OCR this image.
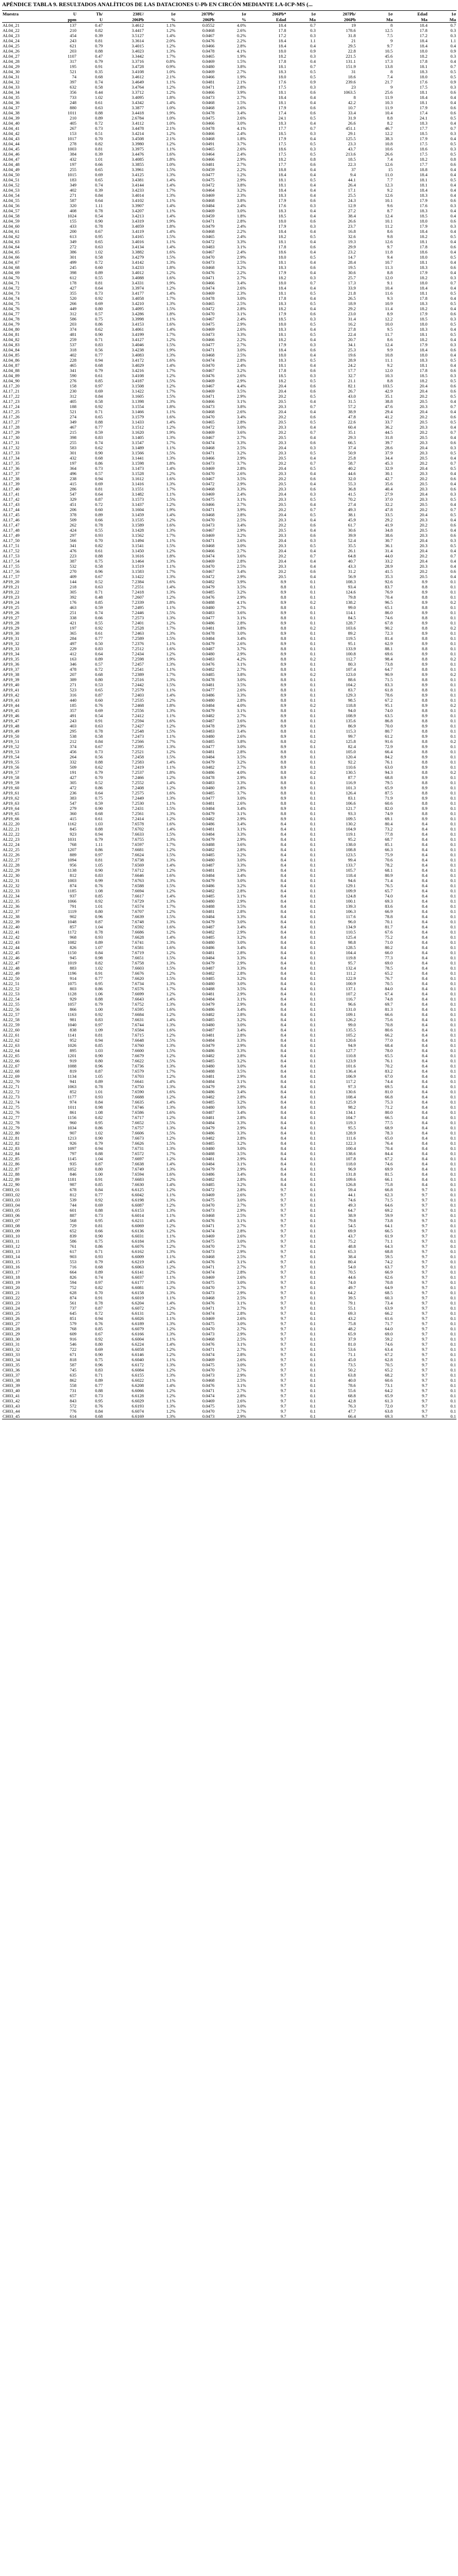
APÉNDICE TABLA 9. RESULTADOS ANALÍTICOS DE LAS DATACIONES U-Pb EN CIRCÓN MEDIANTE LA-ICP-MS (...
Muestra	U	Th/	238U/	1σ	207Pb/	1σ	206Pb*	1σ	207Pb/	1σ	Edad	1σ
	ppm	U	206Pb	%	206Pb	%	Edad	Ma	206Pb	Ma	Ma	Ma
AL04_21	137	0.47	3.4612	1.1%	0.0552	4.0%	18.4	0.7	19	8	18.4	0.7
AL04_22	210	0.82	3.4417	1.2%	0.0468	2.6%	17.8	0.3	178.6	12.5	17.8	0.3
AL04_23	454	0.39	3.5127	1.4%	0.0467	0.2%	17.2	0.3	31.8	7.5	17.2	0.3
AL04_24	243	0.81	3.3614	2.0%	0.0476	2.2%	18.4	1.1	21	9	18.4	1.1
AL04_25	621	0.79	3.4015	1.2%	0.0466	2.8%	18.4	0.4	29.5	9.7	18.4	0.4
AL04_26	203	0.88	3.4023	1.3%	0.0478	4.1%	18.0	0.9	22.8	10.5	18.0	0.9
AL04_27	1107	0.47	3.3442	1.7%	0.0465	1.9%	18.2	0.3	221.5	45.6	18.2	0.3
AL04_28	317	0.79	3.3716	0.8%	0.0469	1.5%	17.8	0.4	131.1	17.3	17.8	0.4
AL04_29	195	0.91	3.4728	0.9%	0.0480	3.8%	18.1	0.7	151.9	13.8	18.1	0.7
AL04_30	521	0.35	3.4108	1.0%	0.0469	2.7%	18.3	0.5	31	8	18.3	0.5
AL04_31	74	0.68	3.4612	2.1%	0.0466	1.9%	18.0	0.5	18.6	7.4	18.0	0.5
AL04_32	397	0.74	3.4649	1.1%	0.0481	2.1%	17.6	0.9	239.6	21.7	17.6	0.9
AL04_33	632	0.58	3.4764	1.2%	0.0471	2.8%	17.5	0.3	23	9	17.5	0.3
AL04_34	356	0.44	3.3712	1.2%	0.0466	3.9%	18.1	0.6	1063.5	25.6	18.1	0.6
AL04_35	733	1.02	3.4095	1.8%	0.0473	2.7%	18.4	0.4	8	11.9	18.4	0.4
AL04_36	248	0.61	3.4342	1.4%	0.0468	1.5%	18.1	0.4	42.2	10.3	18.1	0.4
AL04_37	880	0.63	3.3877	1.0%	0.0468	2.6%	17.9	0.6	10.7	11.9	17.9	0.6
AL04_38	1011	0.88	3.4418	1.9%	0.0478	3.4%	17.4	0.6	33.4	10.4	17.4	0.6
AL04_39	210	0.89	2.6784	1.0%	0.0475	2.6%	24.1	0.5	31.9	8.8	24.1	0.5
AL04_40	405	0.72	3.4112	1.0%	0.0466	3.0%	18.3	0.4	26.6	8.2	18.3	0.4
AL04_41	267	0.73	3.4478	2.1%	0.0478	4.1%	17.7	0.7	451.1	46.7	17.7	0.7
AL04_42	153	0.51	3.4214	1.2%	0.0466	2.4%	18.5	0.3	29.1	12.2	18.5	0.3
AL04_43	1017	0.70	3.4508	2.1%	0.0468	1.8%	17.9	0.4	125.5	38.3	17.9	0.4
AL04_44	278	0.82	3.3980	1.2%	0.0491	3.7%	17.5	0.5	23.3	10.8	17.5	0.5
AL04_45	1003	0.81	3.3975	1.1%	0.0465	2.6%	18.6	0.3	43.7	10.6	18.6	0.3
AL04_46	384	0.39	3.4476	1.6%	0.0464	2.4%	17.5	0.5	213.6	26.6	17.5	0.5
AL04_47	432	1.01	3.4085	1.8%	0.0466	2.9%	18.2	0.8	18.5	7.4	18.2	0.8
AL04_48	197	0.66	3.3855	1.0%	0.0481	2.7%	17.7	0.6	22.3	12.6	17.7	0.6
AL04_49	255	0.65	3.3961	1.5%	0.0459	2.2%	18.8	0.4	37	15	18.8	0.4
AL04_50	1015	0.69	3.4125	1.3%	0.0477	1.2%	18.4	0.4	9.4	11.0	18.4	0.4
AL04_51	183	0.65	3.4381	1.4%	0.0475	2.9%	18.1	0.5	44.1	7.7	18.1	0.5
AL04_52	349	0.74	3.4144	1.4%	0.0472	3.8%	18.1	0.4	26.4	12.3	18.1	0.4
AL04_53	402	0.39	3.4233	1.7%	0.0464	3.2%	18.4	0.4	17.1	9.2	18.4	0.4
AL04_54	271	0.84	3.4014	1.3%	0.0469	2.3%	18.3	0.4	25.5	12.6	18.3	0.4
AL04_55	587	0.64	3.4102	1.1%	0.0468	3.8%	17.9	0.6	24.3	10.1	17.9	0.6
AL04_56	320	1.11	3.3907	1.4%	0.0484	2.4%	17.6	0.3	12.9	9.6	17.6	0.3
AL04_57	408	0.78	3.4207	1.1%	0.0469	3.0%	18.3	0.4	27.2	8.7	18.3	0.4
AL04_58	1024	0.54	3.4213	1.4%	0.0459	1.8%	18.5	0.4	38.4	12.4	18.5	0.4
AL04_59	155	0.90	3.4319	1.9%	0.0471	2.8%	18.0	0.6	26.6	10.1	18.0	0.6
AL04_60	433	0.78	3.4059	1.8%	0.0479	2.4%	17.9	0.3	23.7	11.2	17.9	0.3
AL04_61	200	0.67	3.4119	1.4%	0.0468	2.2%	18.4	0.4	16.8	8.6	18.4	0.4
AL04_62	613	0.95	3.4165	1.5%	0.0465	2.4%	18.2	0.5	32.6	9.8	18.2	0.5
AL04_63	349	0.65	3.4016	1.1%	0.0472	3.3%	18.1	0.4	19.3	12.6	18.1	0.4
AL04_64	272	0.63	3.4134	1.4%	0.0483	3.1%	17.8	0.6	29.9	9.7	17.8	0.6
AL04_65	386	1.02	3.3882	1.6%	0.0467	2.4%	18.6	0.4	23.2	11.8	18.6	0.4
AL04_66	301	0.58	3.4279	1.5%	0.0470	2.9%	18.0	0.5	14.7	9.4	18.0	0.5
AL04_67	499	0.72	3.4142	1.3%	0.0473	2.5%	18.1	0.4	28.4	10.7	18.1	0.4
AL04_68	245	0.60	3.4233	1.8%	0.0468	3.2%	18.3	0.6	19.5	11.3	18.3	0.6
AL04_69	398	0.89	3.4012	1.2%	0.0476	2.2%	17.9	0.4	30.6	8.8	17.9	0.4
AL04_70	612	0.55	3.4088	1.6%	0.0471	2.7%	18.2	0.3	25.7	12.0	18.2	0.3
AL04_71	178	0.81	3.4331	1.9%	0.0466	3.4%	18.0	0.7	17.3	9.1	18.0	0.7
AL04_72	427	0.64	3.3974	1.2%	0.0474	2.6%	18.4	0.4	33.9	10.4	18.4	0.4
AL04_73	355	0.73	3.4177	1.4%	0.0469	2.3%	18.1	0.5	21.8	11.6	18.1	0.5
AL04_74	520	0.92	3.4058	1.7%	0.0478	3.0%	17.8	0.4	26.5	9.3	17.8	0.4
AL04_75	266	0.69	3.4210	1.3%	0.0465	2.5%	18.3	0.5	18.9	10.9	18.3	0.5
AL04_76	449	0.80	3.4095	1.5%	0.0472	2.8%	18.2	0.4	29.2	11.4	18.2	0.4
AL04_77	312	0.57	3.4286	1.8%	0.0470	3.1%	17.9	0.6	23.0	8.9	17.9	0.6
AL04_78	586	0.75	3.3998	1.1%	0.0467	2.4%	18.5	0.3	31.4	12.2	18.5	0.3
AL04_79	203	0.86	3.4153	1.6%	0.0475	2.9%	18.0	0.5	16.2	10.0	18.0	0.5
AL04_80	374	0.62	3.4061	1.4%	0.0469	2.6%	18.3	0.4	27.8	9.5	18.3	0.4
AL04_81	481	0.90	3.4199	1.7%	0.0473	3.3%	18.1	0.5	22.4	11.7	18.1	0.5
AL04_82	259	0.71	3.4127	1.2%	0.0466	2.2%	18.2	0.4	20.7	8.6	18.2	0.4
AL04_83	537	0.83	3.4046	1.5%	0.0477	2.7%	17.9	0.3	34.1	12.4	17.9	0.3
AL04_84	318	0.56	3.4238	1.9%	0.0471	3.0%	18.4	0.6	25.3	9.9	18.4	0.6
AL04_85	402	0.77	3.4083	1.3%	0.0468	2.5%	18.0	0.4	19.6	10.8	18.0	0.4
AL04_86	228	0.94	3.4172	1.6%	0.0474	2.8%	18.3	0.5	28.9	11.1	18.3	0.5
AL04_87	465	0.68	3.4029	1.4%	0.0470	2.4%	18.1	0.4	24.2	9.2	18.1	0.4
AL04_88	341	0.79	3.4216	1.7%	0.0467	3.2%	17.8	0.6	17.7	12.0	17.8	0.6
AL04_89	590	0.61	3.4108	1.2%	0.0476	2.6%	18.5	0.3	32.7	10.3	18.5	0.3
AL04_90	276	0.85	3.4187	1.5%	0.0469	2.9%	18.2	0.5	21.1	8.8	18.2	0.5
AL17_20	158	0.97	3.1508	1.2%	0.0467	4.4%	20.4	0.6	82.1	103.5	20.4	0.6
AL17_21	230	0.69	3.1422	1.7%	0.0469	3.5%	20.4	0.6	26.7	42.9	20.4	0.6
AL17_22	312	0.84	3.1605	1.5%	0.0471	2.9%	20.2	0.5	43.0	35.1	20.2	0.5
AL17_23	405	0.58	3.1398	1.3%	0.0466	3.1%	20.5	0.4	31.5	38.8	20.5	0.4
AL17_24	188	0.92	3.1554	1.8%	0.0473	3.8%	20.3	0.7	57.2	47.6	20.3	0.7
AL17_25	521	0.71	3.1466	1.1%	0.0468	2.6%	20.4	0.4	38.9	29.4	20.4	0.4
AL17_26	274	0.65	3.1579	1.6%	0.0470	3.4%	20.2	0.6	47.8	41.2	20.2	0.6
AL17_27	349	0.88	3.1433	1.4%	0.0465	2.8%	20.5	0.5	22.6	33.7	20.5	0.5
AL17_28	467	0.77	3.1512	1.2%	0.0472	3.0%	20.3	0.4	60.4	36.2	20.3	0.4
AL17_29	215	0.59	3.1620	1.9%	0.0469	3.6%	20.2	0.7	35.1	44.5	20.2	0.7
AL17_30	398	0.83	3.1405	1.3%	0.0467	2.7%	20.5	0.4	29.3	31.8	20.5	0.4
AL17_31	255	0.74	3.1547	1.7%	0.0474	3.3%	20.3	0.6	66.5	39.7	20.3	0.6
AL17_32	583	0.62	3.1489	1.1%	0.0468	2.5%	20.4	0.3	37.4	28.6	20.4	0.3
AL17_33	301	0.90	3.1566	1.5%	0.0471	3.2%	20.3	0.5	50.9	37.9	20.3	0.5
AL17_34	432	0.68	3.1441	1.3%	0.0466	2.9%	20.5	0.4	25.8	34.4	20.5	0.4
AL17_35	197	0.86	3.1598	1.8%	0.0473	3.7%	20.2	0.7	58.7	45.3	20.2	0.7
AL17_36	364	0.73	3.1473	1.4%	0.0469	2.8%	20.4	0.5	40.2	32.9	20.4	0.5
AL17_37	496	0.57	3.1528	1.2%	0.0470	2.6%	20.3	0.4	44.6	30.1	20.3	0.4
AL17_38	238	0.94	3.1612	1.6%	0.0467	3.5%	20.2	0.6	32.0	42.7	20.2	0.6
AL17_39	415	0.69	3.1416	1.3%	0.0472	2.9%	20.5	0.4	55.3	35.6	20.5	0.4
AL17_40	286	0.81	3.1551	1.7%	0.0468	3.3%	20.3	0.6	36.8	40.4	20.3	0.6
AL17_41	547	0.64	3.1482	1.1%	0.0469	2.4%	20.4	0.3	41.5	27.9	20.4	0.3
AL17_42	329	0.87	3.1573	1.5%	0.0475	3.1%	20.3	0.5	70.2	37.0	20.3	0.5
AL17_43	451	0.72	3.1437	1.2%	0.0466	2.7%	20.5	0.4	27.4	32.2	20.5	0.4
AL17_44	206	0.60	3.1604	1.9%	0.0471	3.9%	20.2	0.7	49.3	47.8	20.2	0.7
AL17_45	378	0.89	3.1459	1.4%	0.0468	2.8%	20.4	0.5	38.1	33.5	20.4	0.5
AL17_46	509	0.66	3.1535	1.2%	0.0470	2.5%	20.3	0.4	45.9	29.2	20.3	0.4
AL17_47	262	0.78	3.1589	1.6%	0.0473	3.4%	20.2	0.6	61.7	41.9	20.2	0.6
AL17_48	424	0.55	3.1428	1.3%	0.0467	2.9%	20.5	0.4	30.6	34.8	20.5	0.4
AL17_49	297	0.93	3.1562	1.7%	0.0469	3.2%	20.3	0.6	39.9	38.6	20.3	0.6
AL17_50	566	0.70	3.1494	1.1%	0.0471	2.6%	20.4	0.3	52.4	30.7	20.4	0.3
AL17_51	341	0.82	3.1541	1.5%	0.0468	3.0%	20.3	0.5	35.5	36.1	20.3	0.5
AL17_52	476	0.61	3.1450	1.2%	0.0466	2.7%	20.4	0.4	26.1	31.4	20.4	0.4
AL17_53	223	0.88	3.1616	1.8%	0.0474	3.6%	20.2	0.7	64.8	44.0	20.2	0.7
AL17_54	387	0.75	3.1464	1.3%	0.0469	2.8%	20.4	0.4	40.7	33.2	20.4	0.4
AL17_55	532	0.58	3.1519	1.1%	0.0470	2.5%	20.3	0.4	43.3	28.9	20.3	0.4
AL17_56	270	0.96	3.1583	1.7%	0.0467	3.4%	20.2	0.6	31.2	41.5	20.2	0.6
AL17_57	409	0.67	3.1422	1.3%	0.0472	2.9%	20.5	0.4	56.9	35.3	20.5	0.4
AP19_20	144	0.52	7.2384	1.6%	0.0482	3.9%	8.9	0.1	108.3	92.6	8.9	0.1
AP19_21	218	0.63	7.2551	1.4%	0.0479	3.5%	8.8	0.1	93.4	83.7	8.8	0.1
AP19_22	305	0.71	7.2418	1.3%	0.0485	3.2%	8.9	0.1	124.6	76.9	8.9	0.1
AP19_23	392	0.48	7.2607	1.2%	0.0476	2.9%	8.8	0.1	79.8	70.4	8.8	0.1
AP19_24	176	0.85	7.2339	1.8%	0.0488	4.1%	8.9	0.2	138.2	96.5	8.9	0.2
AP19_25	463	0.59	7.2495	1.1%	0.0480	2.7%	8.8	0.1	99.0	65.1	8.8	0.1
AP19_26	251	0.74	7.2446	1.5%	0.0483	3.6%	8.9	0.1	114.1	86.0	8.9	0.1
AP19_27	338	0.66	7.2573	1.3%	0.0477	3.1%	8.8	0.1	84.5	74.6	8.8	0.1
AP19_28	421	0.55	7.2401	1.2%	0.0486	2.8%	8.9	0.1	128.7	67.8	8.9	0.1
AP19_29	197	0.92	7.2528	1.7%	0.0481	3.8%	8.8	0.2	103.6	90.2	8.8	0.2
AP19_30	365	0.61	7.2463	1.3%	0.0478	3.0%	8.9	0.1	89.2	72.3	8.9	0.1
AP19_31	284	0.77	7.2589	1.5%	0.0484	3.4%	8.8	0.1	119.5	81.4	8.8	0.1
AP19_32	497	0.50	7.2376	1.1%	0.0479	2.6%	8.9	0.1	95.1	62.9	8.9	0.1
AP19_33	229	0.83	7.2512	1.6%	0.0487	3.7%	8.8	0.1	133.9	88.1	8.8	0.1
AP19_34	412	0.64	7.2434	1.2%	0.0480	2.9%	8.9	0.1	100.8	69.6	8.9	0.1
AP19_35	163	0.89	7.2598	1.9%	0.0483	4.2%	8.8	0.2	112.7	98.4	8.8	0.2
AP19_36	346	0.57	7.2457	1.3%	0.0476	3.1%	8.9	0.1	80.3	73.8	8.9	0.1
AP19_37	478	0.72	7.2541	1.1%	0.0482	2.7%	8.8	0.1	107.4	64.7	8.8	0.1
AP19_38	207	0.68	7.2389	1.7%	0.0485	3.8%	8.9	0.2	123.0	90.9	8.9	0.2
AP19_39	389	0.80	7.2516	1.3%	0.0478	3.0%	8.8	0.1	88.6	71.5	8.8	0.1
AP19_40	271	0.53	7.2442	1.5%	0.0481	3.5%	8.9	0.1	104.2	83.3	8.9	0.1
AP19_41	523	0.65	7.2579	1.1%	0.0477	2.6%	8.8	0.1	83.7	61.8	8.8	0.1
AP19_42	316	0.87	7.2403	1.4%	0.0486	3.3%	8.9	0.1	129.3	78.6	8.9	0.1
AP19_43	440	0.60	7.2535	1.2%	0.0480	2.8%	8.8	0.1	98.5	67.2	8.8	0.1
AP19_44	185	0.76	7.2468	1.8%	0.0484	4.0%	8.9	0.2	118.8	95.1	8.9	0.2
AP19_45	357	0.69	7.2556	1.3%	0.0479	3.1%	8.8	0.1	94.0	74.0	8.8	0.1
AP19_46	491	0.54	7.2412	1.1%	0.0482	2.7%	8.9	0.1	108.9	63.5	8.9	0.1
AP19_47	243	0.91	7.2594	1.6%	0.0487	3.6%	8.8	0.1	135.6	86.8	8.8	0.1
AP19_48	403	0.63	7.2427	1.2%	0.0478	2.9%	8.9	0.1	86.9	70.0	8.9	0.1
AP19_49	295	0.78	7.2548	1.5%	0.0483	3.4%	8.8	0.1	115.3	80.7	8.8	0.1
AP19_50	538	0.58	7.2473	1.1%	0.0480	2.6%	8.9	0.1	99.7	61.2	8.9	0.1
AP19_51	212	0.84	7.2566	1.7%	0.0485	3.8%	8.8	0.2	125.8	91.6	8.8	0.2
AP19_52	374	0.67	7.2395	1.3%	0.0477	3.0%	8.9	0.1	82.4	72.9	8.9	0.1
AP19_53	456	0.73	7.2521	1.2%	0.0481	2.8%	8.8	0.1	105.0	66.4	8.8	0.1
AP19_54	264	0.56	7.2458	1.5%	0.0484	3.5%	8.9	0.1	120.4	84.2	8.9	0.1
AP19_55	332	0.88	7.2583	1.4%	0.0479	3.2%	8.8	0.1	92.2	76.1	8.8	0.1
AP19_56	509	0.62	7.2419	1.1%	0.0482	2.7%	8.9	0.1	110.6	63.0	8.9	0.1
AP19_57	191	0.79	7.2537	1.8%	0.0486	4.0%	8.8	0.2	130.5	94.3	8.8	0.2
AP19_58	427	0.70	7.2466	1.2%	0.0478	2.9%	8.9	0.1	87.7	68.8	8.9	0.1
AP19_59	305	0.52	7.2552	1.4%	0.0483	3.3%	8.8	0.1	116.9	79.5	8.8	0.1
AP19_60	472	0.86	7.2408	1.2%	0.0480	2.8%	8.9	0.1	101.3	65.9	8.9	0.1
AP19_61	236	0.64	7.2575	1.6%	0.0485	3.7%	8.8	0.1	126.4	87.5	8.8	0.1
AP19_62	383	0.75	7.2449	1.3%	0.0477	3.0%	8.9	0.1	83.1	71.9	8.9	0.1
AP19_63	547	0.59	7.2530	1.1%	0.0481	2.6%	8.8	0.1	106.6	60.6	8.8	0.1
AP19_64	279	0.90	7.2431	1.5%	0.0484	3.4%	8.9	0.1	121.7	82.0	8.9	0.1
AP19_65	360	0.68	7.2561	1.3%	0.0479	3.1%	8.8	0.1	93.3	74.9	8.8	0.1
AP19_66	415	0.61	7.2414	1.2%	0.0482	2.9%	8.9	0.1	109.5	69.1	8.9	0.1
AL22_20	1162	1.03	7.6578	1.6%	0.0486	3.4%	8.4	0.1	130.2	80.4	8.4	0.1
AL22_21	845	0.88	7.6702	1.4%	0.0481	3.1%	8.4	0.1	104.9	73.2	8.4	0.1
AL22_22	923	0.94	7.6633	1.5%	0.0484	3.3%	8.4	0.1	119.1	77.8	8.4	0.1
AL22_23	1031	0.79	7.6755	1.3%	0.0479	2.9%	8.4	0.1	95.2	68.7	8.4	0.1
AL22_24	768	1.11	7.6597	1.7%	0.0488	3.6%	8.4	0.1	138.0	85.1	8.4	0.1
AL22_25	1207	0.86	7.6681	1.2%	0.0482	2.8%	8.4	0.1	108.8	66.3	8.4	0.1
AL22_26	889	0.97	7.6624	1.5%	0.0485	3.2%	8.4	0.1	123.5	75.9	8.4	0.1
AL22_27	1094	0.81	7.6738	1.3%	0.0480	3.0%	8.4	0.1	99.4	70.6	8.4	0.1
AL22_28	956	1.05	7.6569	1.4%	0.0487	3.3%	8.4	0.1	133.7	78.2	8.4	0.1
AL22_29	1138	0.90	7.6712	1.2%	0.0481	2.9%	8.4	0.1	105.7	68.1	8.4	0.1
AL22_30	812	0.83	7.6646	1.6%	0.0484	3.4%	8.4	0.1	118.4	80.9	8.4	0.1
AL22_31	1003	0.99	7.6763	1.3%	0.0479	3.0%	8.4	0.1	94.6	71.4	8.4	0.1
AL22_32	874	0.76	7.6588	1.5%	0.0486	3.2%	8.4	0.1	129.1	76.5	8.4	0.1
AL22_33	1185	1.08	7.6694	1.2%	0.0482	2.8%	8.4	0.1	109.9	65.7	8.4	0.1
AL22_34	937	0.85	7.6617	1.4%	0.0485	3.1%	8.4	0.1	124.8	74.0	8.4	0.1
AL22_35	1066	0.92	7.6729	1.3%	0.0480	2.9%	8.4	0.1	100.1	69.3	8.4	0.1
AL22_36	791	1.01	7.6574	1.7%	0.0488	3.5%	8.4	0.1	139.3	83.6	8.4	0.1
AL22_37	1119	0.80	7.6707	1.2%	0.0481	2.8%	8.4	0.1	106.3	66.9	8.4	0.1
AL22_38	902	0.96	7.6639	1.5%	0.0484	3.3%	8.4	0.1	117.6	78.8	8.4	0.1
AL22_39	1048	0.87	7.6748	1.3%	0.0479	3.0%	8.4	0.1	96.0	70.1	8.4	0.1
AL22_40	857	1.04	7.6592	1.6%	0.0487	3.4%	8.4	0.1	134.9	81.7	8.4	0.1
AL22_41	1172	0.78	7.6686	1.2%	0.0482	2.9%	8.4	0.1	110.5	67.6	8.4	0.1
AL22_42	968	0.93	7.6628	1.4%	0.0485	3.2%	8.4	0.1	125.4	75.2	8.4	0.1
AL22_43	1082	0.89	7.6741	1.3%	0.0480	3.0%	8.4	0.1	98.8	71.0	8.4	0.1
AL22_44	826	1.07	7.6581	1.6%	0.0486	3.4%	8.4	0.1	128.5	80.2	8.4	0.1
AL22_45	1150	0.84	7.6719	1.2%	0.0481	2.8%	8.4	0.1	104.4	66.0	8.4	0.1
AL22_46	945	0.98	7.6651	1.5%	0.0484	3.3%	8.4	0.1	119.8	77.3	8.4	0.1
AL22_47	1019	0.82	7.6758	1.3%	0.0479	2.9%	8.4	0.1	95.7	69.0	8.4	0.1
AL22_48	883	1.02	7.6603	1.5%	0.0487	3.3%	8.4	0.1	132.4	78.5	8.4	0.1
AL22_49	1196	0.91	7.6676	1.2%	0.0482	2.8%	8.4	0.1	111.2	65.2	8.4	0.1
AL22_50	914	0.77	7.6620	1.5%	0.0485	3.2%	8.4	0.1	122.9	76.7	8.4	0.1
AL22_51	1075	0.95	7.6734	1.3%	0.0480	3.0%	8.4	0.1	100.9	70.5	8.4	0.1
AL22_52	803	0.86	7.6576	1.7%	0.0488	3.5%	8.4	0.1	137.1	84.0	8.4	0.1
AL22_53	1128	1.06	7.6699	1.2%	0.0481	2.9%	8.4	0.1	107.2	67.4	8.4	0.1
AL22_54	929	0.88	7.6643	1.4%	0.0484	3.1%	8.4	0.1	116.7	74.8	8.4	0.1
AL22_55	1057	0.79	7.6752	1.3%	0.0479	2.9%	8.4	0.1	96.6	69.7	8.4	0.1
AL22_56	866	1.00	7.6595	1.6%	0.0486	3.4%	8.4	0.1	131.0	81.3	8.4	0.1
AL22_57	1163	0.92	7.6684	1.2%	0.0482	2.8%	8.4	0.1	109.1	66.6	8.4	0.1
AL22_58	981	0.83	7.6631	1.4%	0.0485	3.2%	8.4	0.1	126.2	75.6	8.4	0.1
AL22_59	1040	0.97	7.6744	1.3%	0.0480	3.0%	8.4	0.1	99.0	70.8	8.4	0.1
AL22_60	838	1.09	7.6584	1.6%	0.0487	3.4%	8.4	0.1	135.5	80.6	8.4	0.1
AL22_61	1141	0.81	7.6715	1.2%	0.0481	2.8%	8.4	0.1	105.2	66.2	8.4	0.1
AL22_62	952	0.94	7.6648	1.5%	0.0484	3.3%	8.4	0.1	120.6	77.0	8.4	0.1
AL22_63	1026	0.85	7.6760	1.3%	0.0479	2.9%	8.4	0.1	94.9	68.4	8.4	0.1
AL22_64	895	1.03	7.6600	1.5%	0.0486	3.3%	8.4	0.1	127.7	78.0	8.4	0.1
AL22_65	1201	0.90	7.6679	1.2%	0.0482	2.8%	8.4	0.1	110.8	65.5	8.4	0.1
AL22_66	919	0.80	7.6622	1.5%	0.0485	3.2%	8.4	0.1	123.9	76.1	8.4	0.1
AL22_67	1088	0.96	7.6736	1.3%	0.0480	3.0%	8.4	0.1	101.6	70.2	8.4	0.1
AL22_68	819	0.87	7.6579	1.7%	0.0488	3.5%	8.4	0.1	136.4	83.2	8.4	0.1
AL22_69	1134	1.05	7.6703	1.2%	0.0481	2.9%	8.4	0.1	106.9	67.0	8.4	0.1
AL22_70	941	0.89	7.6641	1.4%	0.0484	3.1%	8.4	0.1	117.2	74.4	8.4	0.1
AL22_71	1063	0.78	7.6750	1.3%	0.0479	2.9%	8.4	0.1	97.3	69.5	8.4	0.1
AL22_72	852	1.01	7.6590	1.6%	0.0486	3.4%	8.4	0.1	130.6	81.0	8.4	0.1
AL22_73	1177	0.93	7.6688	1.2%	0.0482	2.8%	8.4	0.1	108.4	66.8	8.4	0.1
AL22_74	974	0.84	7.6635	1.4%	0.0485	3.2%	8.4	0.1	125.9	75.3	8.4	0.1
AL22_75	1011	0.98	7.6746	1.3%	0.0480	3.0%	8.4	0.1	98.2	71.2	8.4	0.1
AL22_76	861	1.08	7.6586	1.6%	0.0487	3.4%	8.4	0.1	134.1	80.0	8.4	0.1
AL22_77	1156	0.82	7.6717	1.2%	0.0481	2.8%	8.4	0.1	104.7	66.5	8.4	0.1
AL22_78	960	0.95	7.6652	1.5%	0.0484	3.3%	8.4	0.1	119.3	77.5	8.4	0.1
AL22_79	1034	0.86	7.6757	1.3%	0.0479	2.9%	8.4	0.1	95.5	68.9	8.4	0.1
AL22_80	907	1.02	7.6606	1.5%	0.0486	3.3%	8.4	0.1	128.9	78.3	8.4	0.1
AL22_81	1213	0.90	7.6673	1.2%	0.0482	2.8%	8.4	0.1	111.6	65.0	8.4	0.1
AL22_82	926	0.79	7.6626	1.5%	0.0485	3.2%	8.4	0.1	122.3	76.4	8.4	0.1
AL22_83	1097	0.94	7.6731	1.3%	0.0480	3.0%	8.4	0.1	100.4	70.4	8.4	0.1
AL22_84	797	0.88	7.6572	1.7%	0.0488	3.5%	8.4	0.1	138.6	84.4	8.4	0.1
AL22_85	1145	1.04	7.6697	1.2%	0.0481	2.9%	8.4	0.1	107.8	67.2	8.4	0.1
AL22_86	935	0.87	7.6638	1.4%	0.0484	3.1%	8.4	0.1	118.0	74.6	8.4	0.1
AL22_87	1052	0.80	7.6749	1.3%	0.0479	2.9%	8.4	0.1	96.9	69.9	8.4	0.1
AL22_88	846	1.00	7.6594	1.6%	0.0486	3.4%	8.4	0.1	131.8	81.5	8.4	0.1
AL22_89	1181	0.91	7.6683	1.2%	0.0482	2.8%	8.4	0.1	109.6	66.1	8.4	0.1
AL22_90	987	0.85	7.6630	1.4%	0.0485	3.2%	8.4	0.1	126.8	75.8	8.4	0.1
CH03_01	678	0.84	6.6125	1.2%	0.0472	2.8%	9.7	0.1	59.4	66.8	9.7	0.1
CH03_02	812	0.77	6.6042	1.1%	0.0469	2.6%	9.7	0.1	44.1	62.3	9.7	0.1
CH03_03	539	0.92	6.6198	1.3%	0.0475	3.0%	9.7	0.1	74.6	71.5	9.7	0.1
CH03_04	744	0.69	6.6087	1.2%	0.0470	2.7%	9.7	0.1	49.3	64.6	9.7	0.1
CH03_05	601	0.88	6.6153	1.3%	0.0473	2.9%	9.7	0.1	64.7	69.2	9.7	0.1
CH03_06	887	0.73	6.6014	1.1%	0.0468	2.5%	9.7	0.1	38.9	59.9	9.7	0.1
CH03_07	568	0.95	6.6211	1.4%	0.0476	3.1%	9.7	0.1	79.8	73.8	9.7	0.1
CH03_08	729	0.81	6.6069	1.2%	0.0471	2.7%	9.7	0.1	54.5	64.1	9.7	0.1
CH03_09	652	0.66	6.6136	1.2%	0.0474	2.8%	9.7	0.1	69.9	66.5	9.7	0.1
CH03_10	839	0.90	6.6031	1.1%	0.0469	2.6%	9.7	0.1	43.7	61.9	9.7	0.1
CH03_11	586	0.75	6.6184	1.3%	0.0475	3.0%	9.7	0.1	75.2	71.1	9.7	0.1
CH03_12	761	0.86	6.6076	1.2%	0.0470	2.7%	9.7	0.1	48.8	64.3	9.7	0.1
CH03_13	617	0.71	6.6162	1.3%	0.0473	2.9%	9.7	0.1	65.3	68.8	9.7	0.1
CH03_14	903	0.93	6.6009	1.1%	0.0468	2.5%	9.7	0.1	38.4	59.5	9.7	0.1
CH03_15	553	0.79	6.6219	1.4%	0.0476	3.1%	9.7	0.1	80.4	74.2	9.7	0.1
CH03_16	716	0.68	6.6063	1.2%	0.0471	2.7%	9.7	0.1	54.0	63.7	9.7	0.1
CH03_17	664	0.89	6.6141	1.2%	0.0474	2.8%	9.7	0.1	70.5	66.9	9.7	0.1
CH03_18	826	0.74	6.6037	1.1%	0.0469	2.6%	9.7	0.1	44.6	62.6	9.7	0.1
CH03_19	594	0.97	6.6177	1.3%	0.0475	3.0%	9.7	0.1	74.0	70.8	9.7	0.1
CH03_20	752	0.82	6.6081	1.2%	0.0470	2.7%	9.7	0.1	49.7	64.9	9.7	0.1
CH03_21	628	0.70	6.6158	1.3%	0.0473	2.9%	9.7	0.1	64.2	68.5	9.7	0.1
CH03_22	874	0.91	6.6019	1.1%	0.0468	2.5%	9.7	0.1	39.5	60.3	9.7	0.1
CH03_23	561	0.78	6.6204	1.4%	0.0476	3.1%	9.7	0.1	79.1	73.4	9.7	0.1
CH03_24	737	0.87	6.6072	1.2%	0.0471	2.7%	9.7	0.1	55.1	63.9	9.7	0.1
CH03_25	645	0.72	6.6131	1.2%	0.0474	2.8%	9.7	0.1	69.3	66.2	9.7	0.1
CH03_26	851	0.94	6.6026	1.1%	0.0469	2.6%	9.7	0.1	43.2	61.6	9.7	0.1
CH03_27	579	0.76	6.6189	1.3%	0.0475	3.0%	9.7	0.1	75.8	71.7	9.7	0.1
CH03_28	768	0.85	6.6079	1.2%	0.0470	2.7%	9.7	0.1	48.2	64.0	9.7	0.1
CH03_29	609	0.67	6.6166	1.3%	0.0473	2.9%	9.7	0.1	65.9	69.0	9.7	0.1
CH03_30	916	0.92	6.6004	1.1%	0.0468	2.5%	9.7	0.1	37.9	59.2	9.7	0.1
CH03_31	546	0.80	6.6224	1.4%	0.0476	3.1%	9.7	0.1	81.0	74.6	9.7	0.1
CH03_32	722	0.69	6.6058	1.2%	0.0471	2.7%	9.7	0.1	53.6	63.4	9.7	0.1
CH03_33	671	0.90	6.6146	1.2%	0.0474	2.8%	9.7	0.1	71.1	67.2	9.7	0.1
CH03_34	818	0.75	6.6040	1.1%	0.0469	2.6%	9.7	0.1	45.0	62.8	9.7	0.1
CH03_35	587	0.96	6.6172	1.3%	0.0475	3.0%	9.7	0.1	73.5	70.5	9.7	0.1
CH03_36	745	0.83	6.6084	1.2%	0.0470	2.7%	9.7	0.1	50.2	65.2	9.7	0.1
CH03_37	635	0.71	6.6155	1.3%	0.0473	2.9%	9.7	0.1	63.8	68.2	9.7	0.1
CH03_38	862	0.89	6.6022	1.1%	0.0468	2.5%	9.7	0.1	40.0	60.6	9.7	0.1
CH03_39	558	0.77	6.6208	1.4%	0.0476	3.1%	9.7	0.1	78.6	73.1	9.7	0.1
CH03_40	731	0.88	6.6066	1.2%	0.0471	2.7%	9.7	0.1	55.6	64.2	9.7	0.1
CH03_41	657	0.73	6.6128	1.2%	0.0474	2.8%	9.7	0.1	68.8	65.9	9.7	0.1
CH03_42	843	0.95	6.6029	1.1%	0.0469	2.6%	9.7	0.1	42.8	61.3	9.7	0.1
CH03_43	572	0.76	6.6193	1.3%	0.0475	3.0%	9.7	0.1	76.3	72.0	9.7	0.1
CH03_44	776	0.84	6.6074	1.2%	0.0470	2.7%	9.7	0.1	47.7	63.8	9.7	0.1
CH03_45	614	0.68	6.6169	1.3%	0.0473	2.9%	9.7	0.1	66.4	69.3	9.7	0.1
